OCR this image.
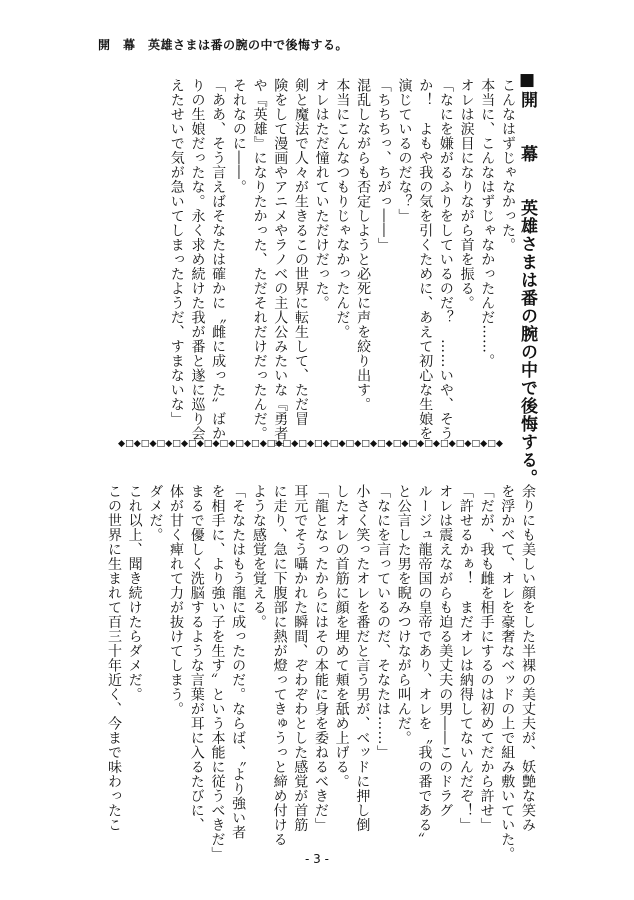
開　幕　英雄さまは番の腕の中で後悔する。
■開　　幕　　英雄さまは番の腕の中で後悔する。

こんなはずじゃなかった。

本当に、こんなはずじゃなかったんだ……。

オレは涙目になりながら首を振る。

「なにを嫌がるふりをしているのだ？　……いや、そう

か！　よもや我の気を引くために、あえて初心な生娘を

演じているのだな？」

「ちちちっ、ちがっ――」

混乱しながらも否定しようと必死に声を絞り出す。

本当にこんなつもりじゃなかったんだ。

オレはただ憧れていただけだった。

剣と魔法で人々が生きるこの世界に転生して、ただ冒

険をして漫画やアニメやラノベの主人公みたいな『勇者』

や『英雄』になりたかった、ただそれだけだったんだ。

それなのに――。

「ああ、そう言えばそなたは確かに〝雌に成った〟ばか

りの生娘だったな。永く求め続けた我が番と遂に巡り会

えたせいで気が急いてしまったようだ、すまないな」

◆□◆□◆□◆□◆□◆□◆□◆□◆□◆□◆□◆□◆□◆□◆□◆□◆□◆□◆□◆□◆□◆□◆□◆□◆

余りにも美しい顔をした半裸の美丈夫が、妖艶な笑み

を浮かべて、オレを豪奢なベッドの上で組み敷いていた。

「だが、我も雌を相手にするのは初めてだから許せ」

「許せるかぁ！　まだオレは納得してないんだぞ！」

オレは震えながらも迫る美丈夫の男――このドラグ

ルージュ龍帝国の皇帝であり、オレを〝我の番である〟

と公言した男を睨みつけながら叫んだ。

「なにを言っているのだ、そなたは……」

小さく笑ったオレを番だと言う男が、ベッドに押し倒

したオレの首筋に顔を埋めて頬を舐め上げる。

「龍となったからにはその本能に身を委ねるべきだ」

耳元でそう囁かれた瞬間、ぞわぞわとした感覚が首筋

に走り、急に下腹部に熱が燈ってきゅうっと締め付ける

ような感覚を覚える。

「そなたはもう龍に成ったのだ。ならば、〝より強い者

を相手に、より強い子を生す〟という本能に従うべきだ」

まるで優しく洗脳するような言葉が耳に入るたびに、

体が甘く痺れて力が抜けてしまう。

ダメだ。

これ以上、聞き続けたらダメだ。

この世界に生まれて百三十年近く、今まで味わったこ

- 3 -
